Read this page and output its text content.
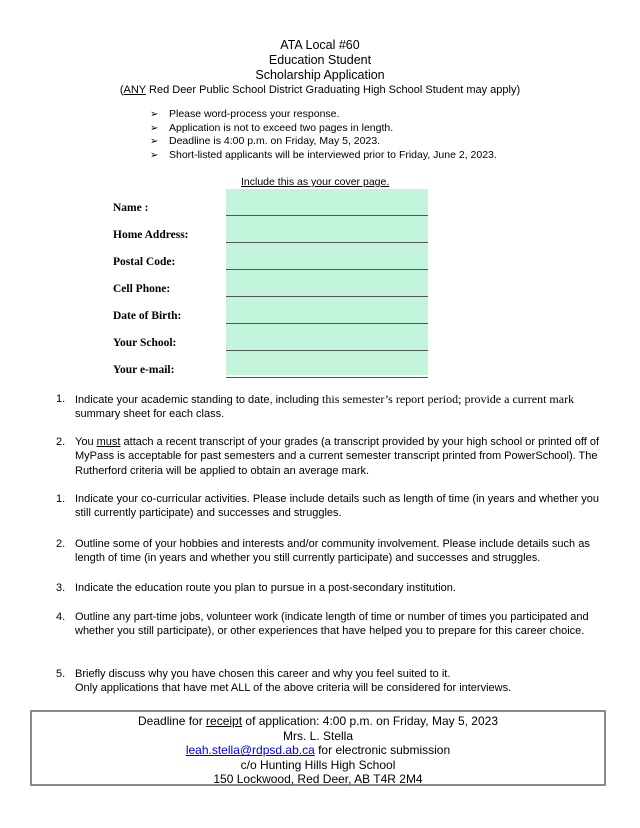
ATA Local #60
Education Student
Scholarship Application
(ANY Red Deer Public School District Graduating High School Student may apply)
➢	Please word-process your response.
➢	Application is not to exceed two pages in length.
➢	Deadline is 4:00 p.m. on Friday, May 5, 2023.
➢	Short-listed applicants will be interviewed prior to Friday, June 2, 2023.
Include this as your cover page.
Name :
Home Address:
Postal Code:
Cell Phone:
Date of Birth:
Your School:
Your e-mail:
1. Indicate your academic standing to date, including this semester’s report period; provide a current mark
summary sheet for each class.
2. You must attach a recent transcript of your grades (a transcript provided by your high school or printed off of MyPass is acceptable for past semesters and a current semester transcript printed from PowerSchool). The Rutherford criteria will be applied to obtain an average mark.
1. Indicate your co-curricular activities. Please include details such as length of time (in years and whether you still currently participate) and successes and struggles.
2. Outline some of your hobbies and interests and/or community involvement. Please include details such as length of time (in years and whether you still currently participate) and successes and struggles.
3. Indicate the education route you plan to pursue in a post-secondary institution.
4. Outline any part-time jobs, volunteer work (indicate length of time or number of times you participated and whether you still participate), or other experiences that have helped you to prepare for this career choice.
5. Briefly discuss why you have chosen this career and why you feel suited to it.
Only applications that have met ALL of the above criteria will be considered for interviews.
Deadline for receipt of application: 4:00 p.m. on Friday, May 5, 2023
Mrs. L. Stella
leah.stella@rdpsd.ab.ca for electronic submission
c/o Hunting Hills High School
150 Lockwood, Red Deer, AB T4R 2M4
